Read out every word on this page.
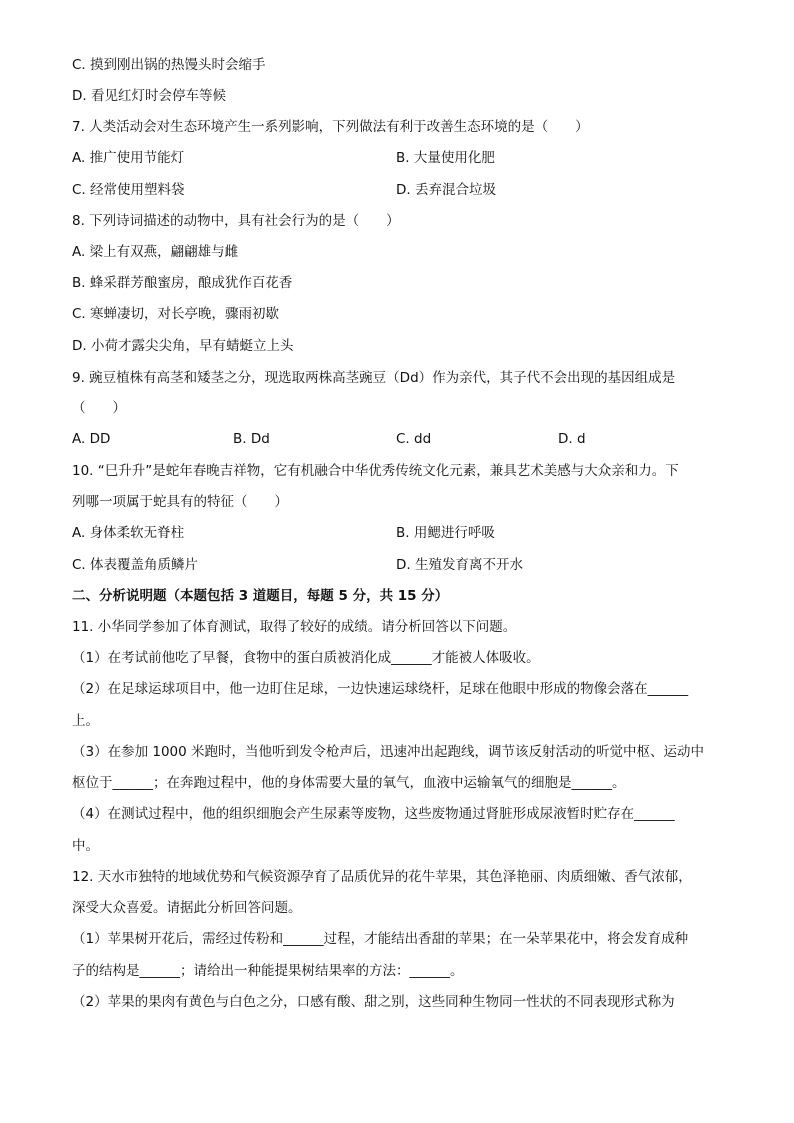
C. 摸到刚出锅的热馒头时会缩手
D. 看见红灯时会停车等候
7. 人类活动会对生态环境产生一系列影响，下列做法有利于改善生态环境的是（　　）
A. 推广使用节能灯	B. 大量使用化肥
C. 经常使用塑料袋	D. 丢弃混合垃圾
8. 下列诗词描述的动物中，具有社会行为的是（　　）
A. 梁上有双燕，翩翩雄与雌
B. 蜂采群芳酿蜜房，酿成犹作百花香
C. 寒蝉凄切，对长亭晚，骤雨初歇
D. 小荷才露尖尖角，早有蜻蜓立上头
9. 豌豆植株有高茎和矮茎之分，现选取两株高茎豌豆（Dd）作为亲代，其子代不会出现的基因组成是
（　　）
A. DD	B. Dd	C. dd	D. d
10. “巳升升”是蛇年春晚吉祥物，它有机融合中华优秀传统文化元素，兼具艺术美感与大众亲和力。下
列哪一项属于蛇具有的特征（　　）
A. 身体柔软无脊柱	B. 用鳃进行呼吸
C. 体表覆盖角质鳞片	D. 生殖发育离不开水
二、分析说明题（本题包括 3 道题目，每题 5 分，共 15 分）
11. 小华同学参加了体育测试，取得了较好的成绩。请分析回答以下问题。
（1）在考试前他吃了早餐，食物中的蛋白质被消化成______才能被人体吸收。
（2）在足球运球项目中，他一边盯住足球，一边快速运球绕杆，足球在他眼中形成的物像会落在______
上。
（3）在参加 1000 米跑时，当他听到发令枪声后，迅速冲出起跑线，调节该反射活动的听觉中枢、运动中
枢位于______；在奔跑过程中，他的身体需要大量的氧气，血液中运输氧气的细胞是______。
（4）在测试过程中，他的组织细胞会产生尿素等废物，这些废物通过肾脏形成尿液暂时贮存在______
中。
12. 天水市独特的地域优势和气候资源孕育了品质优异的花牛苹果，其色泽艳丽、肉质细嫩、香气浓郁，
深受大众喜爱。请据此分析回答问题。
（1）苹果树开花后，需经过传粉和______过程，才能结出香甜的苹果；在一朵苹果花中，将会发育成种
子的结构是______；请给出一种能提果树结果率的方法：______。
（2）苹果的果肉有黄色与白色之分，口感有酸、甜之别，这些同种生物同一性状的不同表现形式称为
